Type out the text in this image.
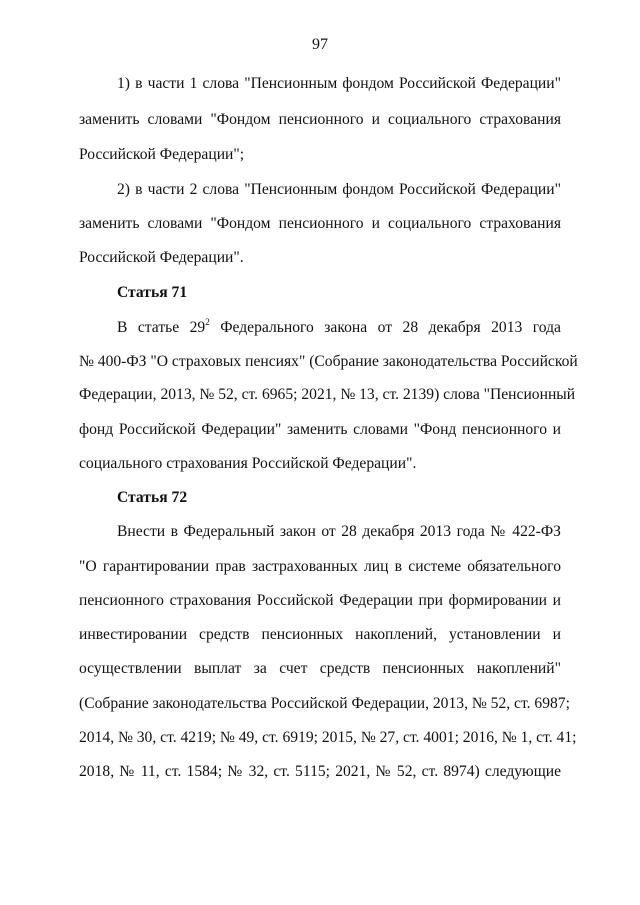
97
1) в части 1 слова "Пенсионным фондом Российской Федерации"
заменить словами "Фондом пенсионного и социального страхования
Российской Федерации";
2) в части 2 слова "Пенсионным фондом Российской Федерации"
заменить словами "Фондом пенсионного и социального страхования
Российской Федерации".
Статья 71
В статье $29^2$ Федерального закона от 28 декабря 2013 года
№ 400-ФЗ "О страховых пенсиях" (Собрание законодательства Российской
Федерации, 2013, № 52, ст. 6965; 2021, № 13, ст. 2139) слова "Пенсионный
фонд Российской Федерации" заменить словами "Фонд пенсионного и
социального страхования Российской Федерации".
Статья 72
Внести в Федеральный закон от 28 декабря 2013 года № 422-ФЗ
"О гарантировании прав застрахованных лиц в системе обязательного
пенсионного страхования Российской Федерации при формировании и
инвестировании средств пенсионных накоплений, установлении и
осуществлении выплат за счет средств пенсионных накоплений"
(Собрание законодательства Российской Федерации, 2013, № 52, ст. 6987;
2014, № 30, ст. 4219; № 49, ст. 6919; 2015, № 27, ст. 4001; 2016, № 1, ст. 41;
2018, № 11, ст. 1584; № 32, ст. 5115; 2021, № 52, ст. 8974) следующие
